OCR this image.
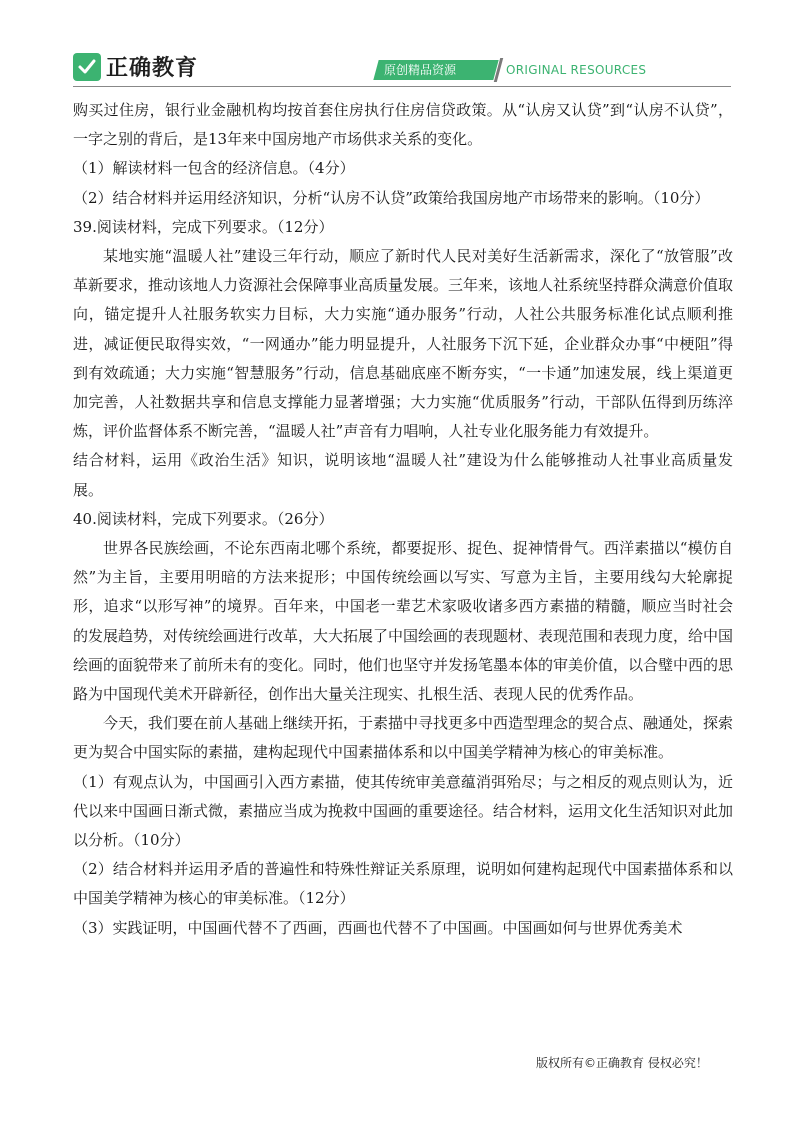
正确教育	原创精品资源	ORIGINAL RESOURCES

购买过住房，银行业金融机构均按首套住房执行住房信贷政策。从“认房又认贷”到“认房不认贷”，一字之别的背后，是13年来中国房地产市场供求关系的变化。

（1）解读材料一包含的经济信息。（4分）

（2）结合材料并运用经济知识，分析“认房不认贷”政策给我国房地产市场带来的影响。（10分）

39.阅读材料，完成下列要求。（12分）

某地实施“温暖人社”建设三年行动，顺应了新时代人民对美好生活新需求，深化了“放管服”改革新要求，推动该地人力资源社会保障事业高质量发展。三年来，该地人社系统坚持群众满意价值取向，锚定提升人社服务软实力目标，大力实施“通办服务”行动，人社公共服务标准化试点顺利推进，减证便民取得实效，“一网通办”能力明显提升，人社服务下沉下延，企业群众办事“中梗阻”得到有效疏通；大力实施“智慧服务”行动，信息基础底座不断夯实，“一卡通”加速发展，线上渠道更加完善，人社数据共享和信息支撑能力显著增强；大力实施“优质服务”行动，干部队伍得到历练淬炼，评价监督体系不断完善，“温暖人社”声音有力唱响，人社专业化服务能力有效提升。

结合材料，运用《政治生活》知识，说明该地“温暖人社”建设为什么能够推动人社事业高质量发展。

40.阅读材料，完成下列要求。（26分）

世界各民族绘画，不论东西南北哪个系统，都要捉形、捉色、捉神情骨气。西洋素描以“模仿自然”为主旨，主要用明暗的方法来捉形；中国传统绘画以写实、写意为主旨，主要用线勾大轮廓捉形，追求“以形写神”的境界。百年来，中国老一辈艺术家吸收诸多西方素描的精髓，顺应当时社会的发展趋势，对传统绘画进行改革，大大拓展了中国绘画的表现题材、表现范围和表现力度，给中国绘画的面貌带来了前所未有的变化。同时，他们也坚守并发扬笔墨本体的审美价值，以合璧中西的思路为中国现代美术开辟新径，创作出大量关注现实、扎根生活、表现人民的优秀作品。

今天，我们要在前人基础上继续开拓，于素描中寻找更多中西造型理念的契合点、融通处，探索更为契合中国实际的素描，建构起现代中国素描体系和以中国美学精神为核心的审美标准。

（1）有观点认为，中国画引入西方素描，使其传统审美意蕴消弭殆尽；与之相反的观点则认为，近代以来中国画日渐式微，素描应当成为挽救中国画的重要途径。结合材料，运用文化生活知识对此加以分析。（10分）

（2）结合材料并运用矛盾的普遍性和特殊性辩证关系原理，说明如何建构起现代中国素描体系和以中国美学精神为核心的审美标准。（12分）

（3）实践证明，中国画代替不了西画，西画也代替不了中国画。中国画如何与世界优秀美术

版权所有©正确教育 侵权必究！
